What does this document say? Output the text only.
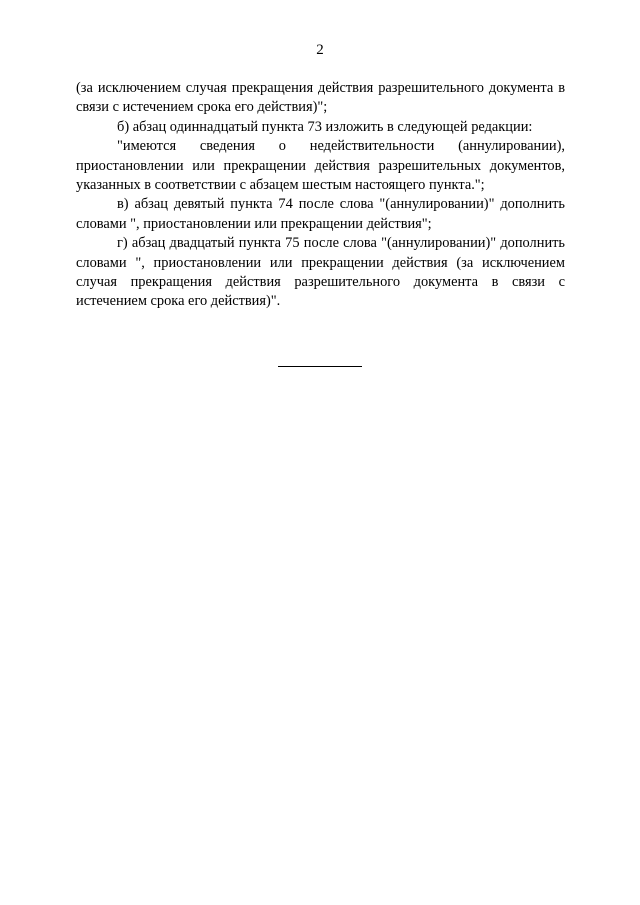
2

(за исключением случая прекращения действия разрешительного документа в связи с истечением срока его действия)";

б) абзац одиннадцатый пункта 73 изложить в следующей редакции:

"имеются сведения о недействительности (аннулировании), приостановлении или прекращении действия разрешительных документов, указанных в соответствии с абзацем шестым настоящего пункта.";

в) абзац девятый пункта 74 после слова "(аннулировании)" дополнить словами ", приостановлении или прекращении действия";

г) абзац двадцатый пункта 75 после слова "(аннулировании)" дополнить словами ", приостановлении или прекращении действия (за исключением случая прекращения действия разрешительного документа в связи с истечением срока его действия)".
